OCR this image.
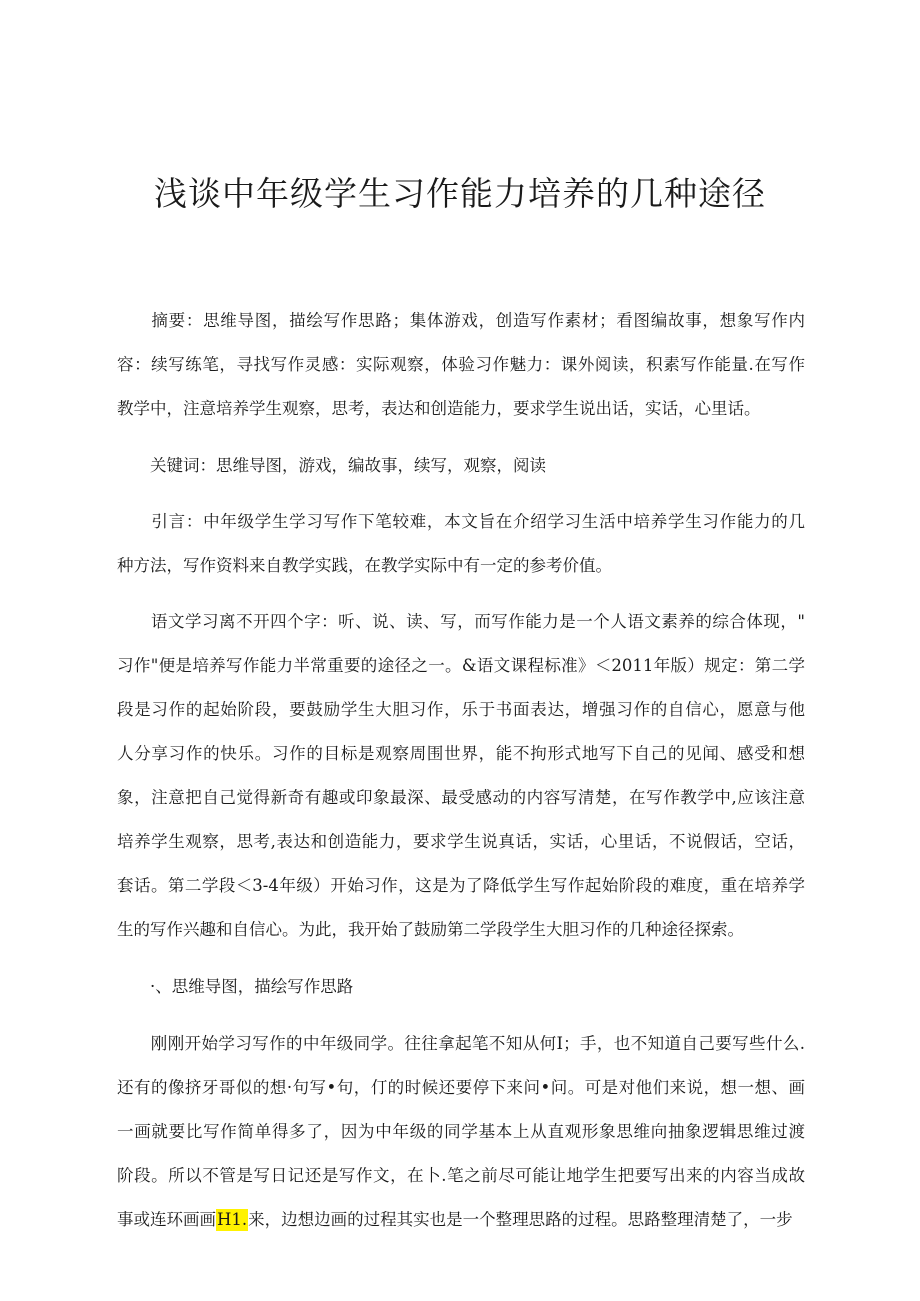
浅谈中年级学生习作能力培养的几种途径
　　摘要：思维导图，描绘写作思路；集体游戏，创造写作素材；看图编故事，想象写作内
容：续写练笔，寻找写作灵感：实际观察，体验习作魅力：课外阅读，积素写作能量.在写作
教学中，注意培养学生观察，思考，表达和创造能力，要求学生说出话，实话，心里话。
　　关键词：思维导图，游戏，编故事，续写，观察，阅读
　　引言：中年级学生学习写作下笔较难，本文旨在介绍学习生活中培养学生习作能力的几
种方法，写作资料来自教学实践，在教学实际中有一定的参考价值。
　　语文学习离不开四个字：听、说、读、写，而写作能力是一个人语文素养的综合体现，"
习作"便是培养写作能力半常重要的途径之一。&语文课程标准》＜2011年版）规定：第二学
段是习作的起始阶段，要鼓励学生大胆习作，乐于书面表达，增强习作的自信心，愿意与他
人分享习作的快乐。习作的目标是观察周围世界，能不拘形式地写下自己的见闻、感受和想
象，注意把自己觉得新奇有趣或印象最深、最受感动的内容写清楚，在写作教学中,应该注意
培养学生观察，思考,表达和创造能力，要求学生说真话，实话，心里话，不说假话，空话，
套话。第二学段＜3-4年级）开始习作，这是为了降低学生写作起始阶段的难度，重在培养学
生的写作兴趣和自信心。为此，我开始了鼓励第二学段学生大胆习作的几种途径探索。
　　·、思维导图，描绘写作思路
　　刚刚开始学习写作的中年级同学。往往拿起笔不知从何I；手，也不知道自己要写些什么.
还有的像挤牙哥似的想·句写•句，仃的时候还要停下来问•问。可是对他们来说，想一想、画
一画就要比写作简单得多了，因为中年级的同学基本上从直观形象思维向抽象逻辑思维过渡
阶段。所以不管是写日记还是写作文，在卜.笔之前尽可能让地学生把要写出来的内容当成故
事或连环画画H1.来，边想边画的过程其实也是一个整理思路的过程。思路整理清楚了，一步
